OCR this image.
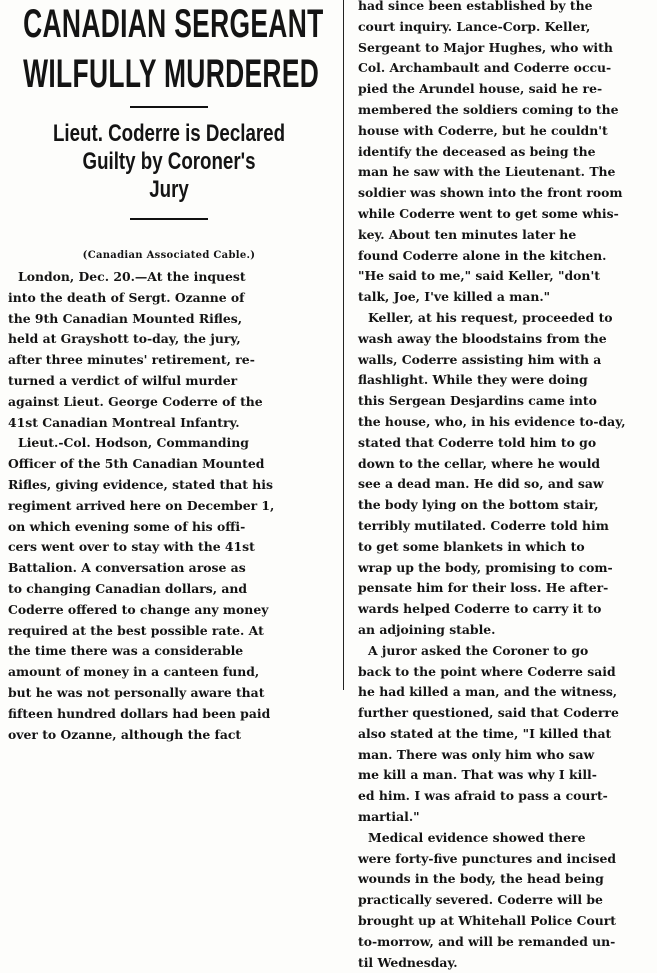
CANADIAN SERGEANT
WILFULLY MURDERED
Lieut. Coderre is Declared
Guilty by Coroner's
Jury
(Canadian Associated Cable.)
London, Dec. 20.—At the inquest
into the death of Sergt. Ozanne of
the 9th Canadian Mounted Rifles,
held at Grayshott to-day, the jury,
after three minutes' retirement, re-
turned a verdict of wilful murder
against Lieut. George Coderre of the
41st Canadian Montreal Infantry.
Lieut.-Col. Hodson, Commanding
Officer of the 5th Canadian Mounted
Rifles, giving evidence, stated that his
regiment arrived here on December 1,
on which evening some of his offi-
cers went over to stay with the 41st
Battalion. A conversation arose as
to changing Canadian dollars, and
Coderre offered to change any money
required at the best possible rate. At
the time there was a considerable
amount of money in a canteen fund,
but he was not personally aware that
fifteen hundred dollars had been paid
over to Ozanne, although the fact
had since been established by the
court inquiry. Lance-Corp. Keller,
Sergeant to Major Hughes, who with
Col. Archambault and Coderre occu-
pied the Arundel house, said he re-
membered the soldiers coming to the
house with Coderre, but he couldn't
identify the deceased as being the
man he saw with the Lieutenant. The
soldier was shown into the front room
while Coderre went to get some whis-
key. About ten minutes later he
found Coderre alone in the kitchen.
"He said to me," said Keller, "don't
talk, Joe, I've killed a man."
Keller, at his request, proceeded to
wash away the bloodstains from the
walls, Coderre assisting him with a
flashlight. While they were doing
this Sergean Desjardins came into
the house, who, in his evidence to-day,
stated that Coderre told him to go
down to the cellar, where he would
see a dead man. He did so, and saw
the body lying on the bottom stair,
terribly mutilated. Coderre told him
to get some blankets in which to
wrap up the body, promising to com-
pensate him for their loss. He after-
wards helped Coderre to carry it to
an adjoining stable.
A juror asked the Coroner to go
back to the point where Coderre said
he had killed a man, and the witness,
further questioned, said that Coderre
also stated at the time, "I killed that
man. There was only him who saw
me kill a man. That was why I kill-
ed him. I was afraid to pass a court-
martial."
Medical evidence showed there
were forty-five punctures and incised
wounds in the body, the head being
practically severed. Coderre will be
brought up at Whitehall Police Court
to-morrow, and will be remanded un-
til Wednesday.
